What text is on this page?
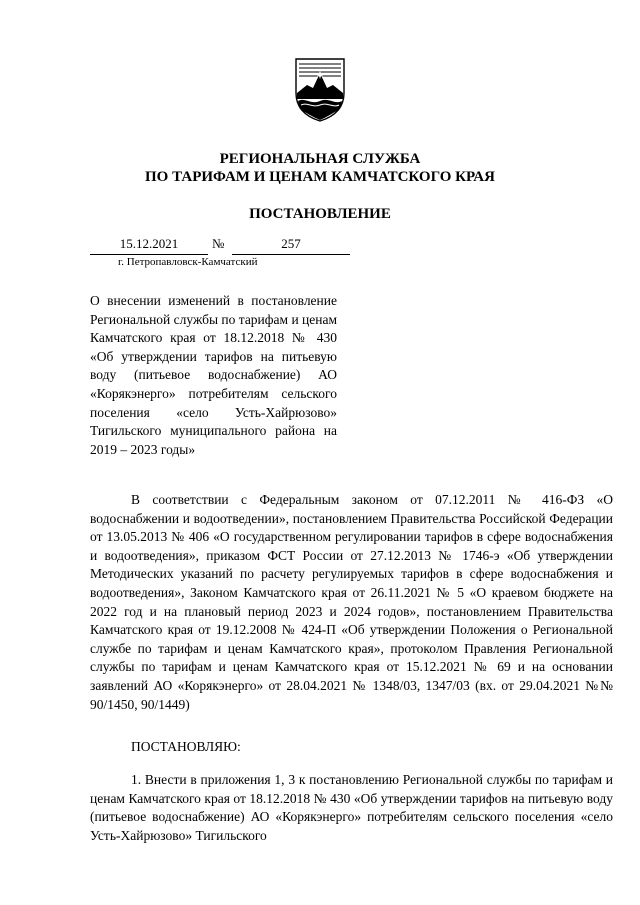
РЕГИОНАЛЬНАЯ СЛУЖБА
ПО ТАРИФАМ И ЦЕНАМ КАМЧАТСКОГО КРАЯ
ПОСТАНОВЛЕНИЕ
15.12.2021	№	257
г. Петропавловск-Камчатский
О внесении изменений в постановление Региональной службы по тарифам и ценам Камчатского края от 18.12.2018 № 430 «Об утверждении тарифов на питьевую воду (питьевое водоснабжение) АО «Корякэнерго» потребителям сельского поселения «село Усть-Хайрюзово» Тигильского муниципального района на 2019 – 2023 годы»
В соответствии с Федеральным законом от 07.12.2011 № 416-ФЗ «О водоснабжении и водоотведении», постановлением Правительства Российской Федерации от 13.05.2013 № 406 «О государственном регулировании тарифов в сфере водоснабжения и водоотведения», приказом ФСТ России от 27.12.2013 № 1746-э «Об утверждении Методических указаний по расчету регулируемых тарифов в сфере водоснабжения и водоотведения», Законом Камчатского края от 26.11.2021 № 5 «О краевом бюджете на 2022 год и на плановый период 2023 и 2024 годов», постановлением Правительства Камчатского края от 19.12.2008 № 424-П «Об утверждении Положения о Региональной службе по тарифам и ценам Камчатского края», протоколом Правления Региональной службы по тарифам и ценам Камчатского края от 15.12.2021 № 69 и на основании заявлений АО «Корякэнерго» от 28.04.2021 № 1348/03, 1347/03 (вх. от 29.04.2021 №№ 90/1450, 90/1449)
ПОСТАНОВЛЯЮ:
1. Внести в приложения 1, 3 к постановлению Региональной службы по тарифам и ценам Камчатского края от 18.12.2018 № 430 «Об утверждении тарифов на питьевую воду (питьевое водоснабжение) АО «Корякэнерго» потребителям сельского поселения «село Усть-Хайрюзово» Тигильского
